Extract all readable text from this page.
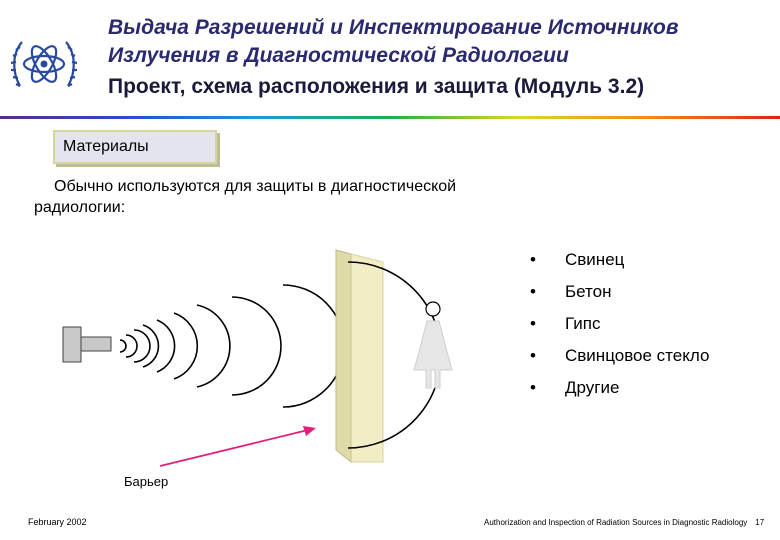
Выдача Разрешений и Инспектирование Источников
Излучения в Диагностической Радиологии
Проект, схема расположения и защита (Модуль 3.2)
Материалы
Обычно используются для защиты в диагностической
радиологии:
• Свинец
• Бетон
• Гипс
• Свинцовое стекло
• Другие
Барьер
February 2002	Authorization and Inspection of Radiation Sources in Diagnostic Radiology 17
